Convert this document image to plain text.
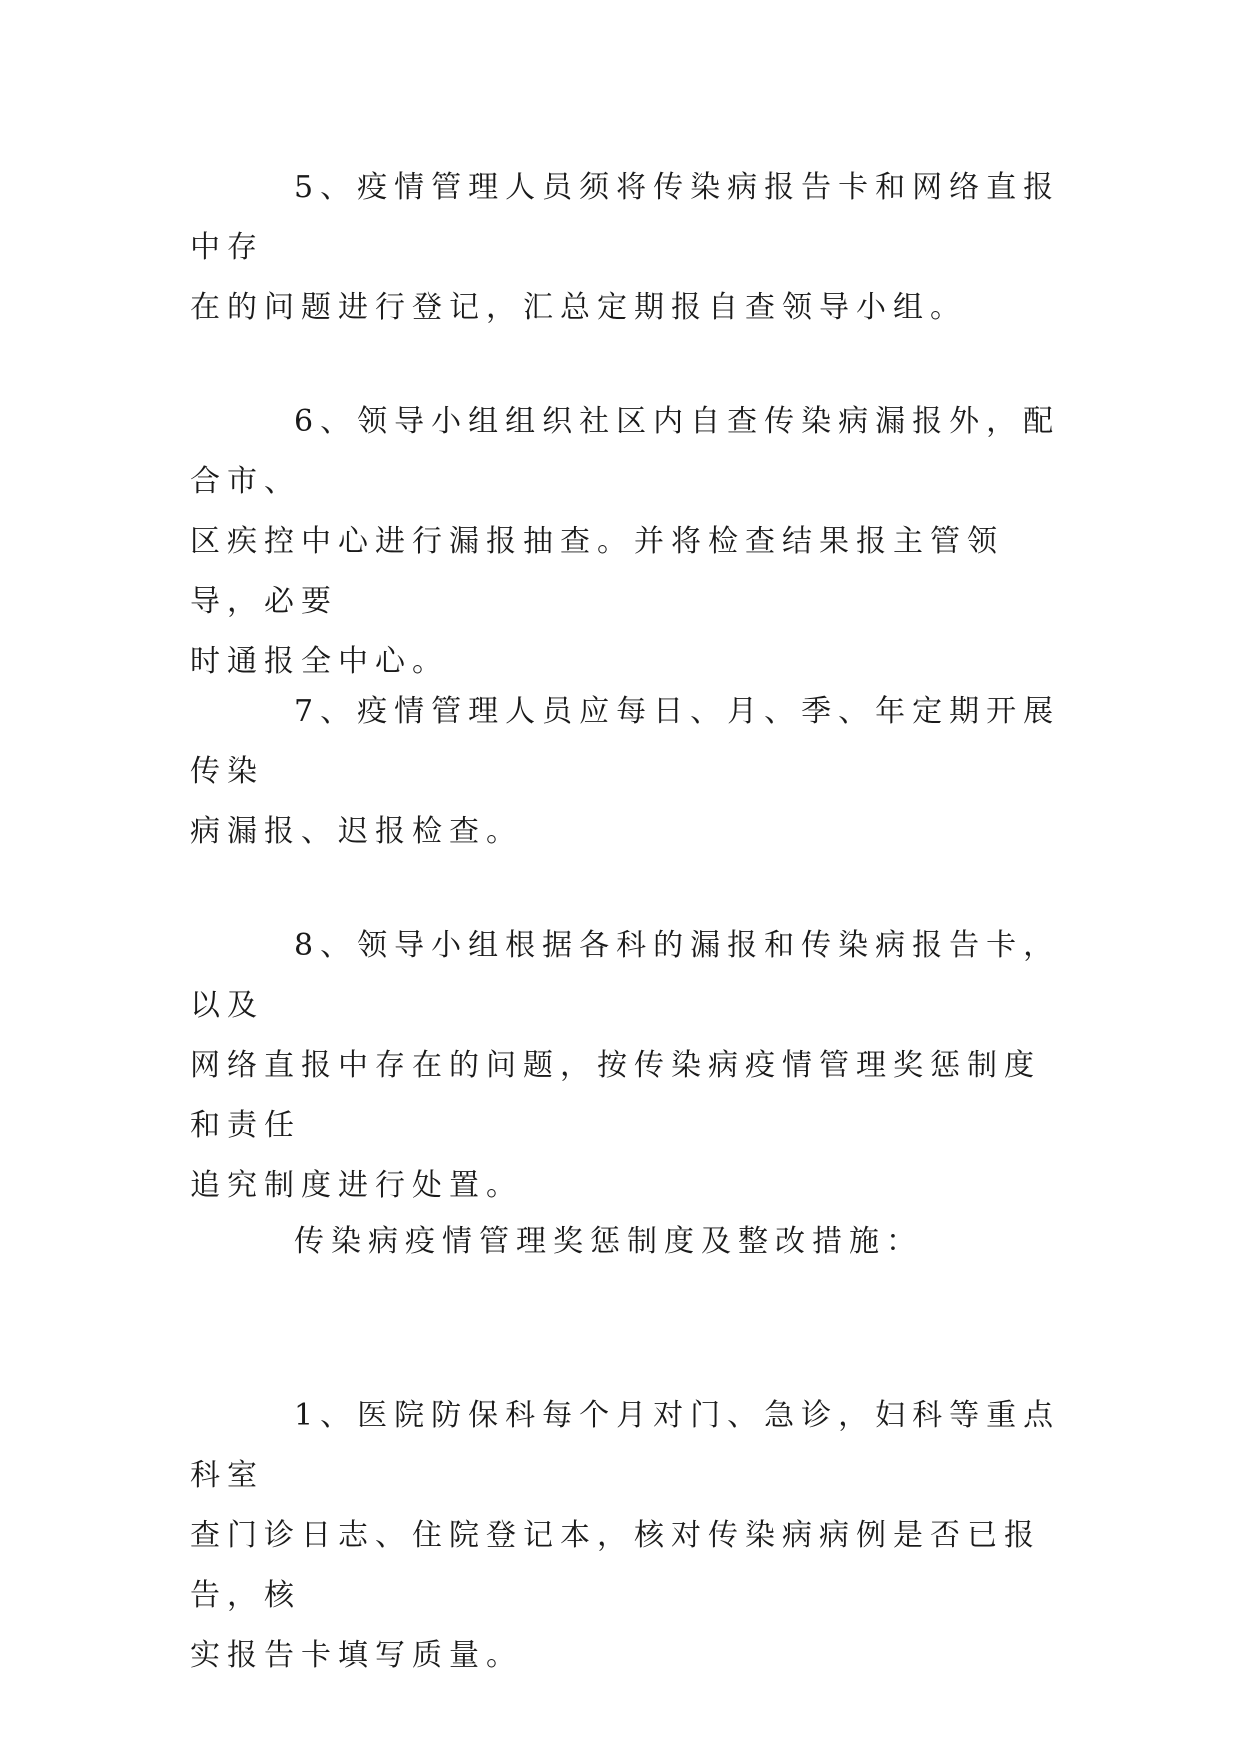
5、疫情管理人员须将传染病报告卡和网络直报中存
在的问题进行登记，汇总定期报自查领导小组。

6、领导小组组织社区内自查传染病漏报外，配合市、
区疾控中心进行漏报抽查。并将检查结果报主管领导，必要
时通报全中心。

7、疫情管理人员应每日、月、季、年定期开展传染
病漏报、迟报检查。

8、领导小组根据各科的漏报和传染病报告卡，以及
网络直报中存在的问题，按传染病疫情管理奖惩制度和责任
追究制度进行处置。

传染病疫情管理奖惩制度及整改措施：

1、医院防保科每个月对门、急诊，妇科等重点科室
查门诊日志、住院登记本，核对传染病病例是否已报告，核
实报告卡填写质量。
